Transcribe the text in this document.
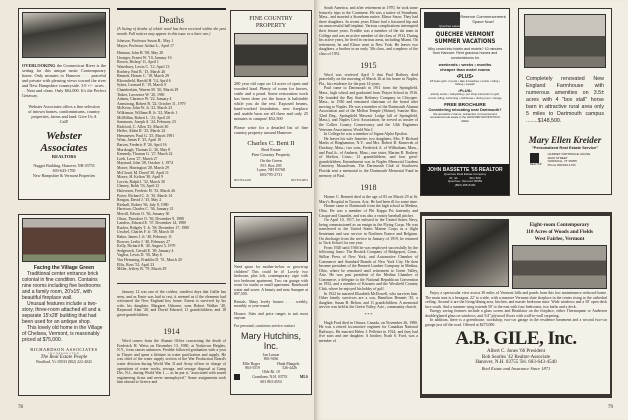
OVERLOOKING the Connecticut River is the setting for this unique rustic Contemporary home. Only minutes to Hanover . . . peaceful and private with pleasing views toward the river and New Hampshire countryside. 3.9 +/− acres . . . Neat and clean. Only $62,000. It's the Perfect Getaway.
Webster Associates offers a fine selection of intown homes, condominiums, country properties, farms and land. Give Us A Call!
Webster Associates
REALTORS
Nugget Building, Hanover, NH 03755
603-643-1700
New Hampshire & Vermont Properties
Facing the Village Green

Traditional center entrance brick colonial in fine condition. Contains nine rooms including five bedrooms and a family room, 20'x15', with beautiful fireplace wall.

Unusual features include a two-story, three-room attached ell and a separate 15'x28' building that had been used for an antique shop.

This lovely old home in the Village of Chelsea, Vermont, is reasonably priced at $75,000.

RICHARDSON ASSOCIATES
INCORPORATED
The Real Estate People
Bradford, Vt. 05033 (802) 222-4043
78
Deaths
(A listing of deaths of which word has been received within the past month. Full notices may appear in this issue or a later one.)
Johnson, Professor Susan B., May 1
Mayer, Professor Arthur L., April 17
Hinman, John H. '08, May 20
Lhonger, Ernest W. '10, January 16
Brown, Bishop '11, April 1
Waterbury, Lewis C. '12, April 13
Rothery, Paul R. '15, March 26
Bennett, Homer C. '18, March 29
Bloomfield, Harold H. '14, April 6
Sykes, Leonard E. '19, March 9
Chamberlain, Warren M. '20, March 29
Tinker, Lawrence W. '20, 1981
Adams, Clarence W. '22, January 4
Armstrong, Robert B. '22, October 11, 1979
McKeon, John W. Jr. '22, March 23
Wilkinson, William B. Jr. '22, March 1
McMillan, Robert L. '23, April 20
Sammons, Joseph A. '24, February 23
Bickford, C. Allen '25, March 30
Heffer, Alden R. '25, March 24
Hemmeyer, Paul G. '25, March 1981
Winn, James F. '25, April 10
Barton, Frederic P. '26, April 16
Murdough, Thomas G. '26, May 8
Kennedy, Thomas G. '27, March 22
Loeb, Leon '27, March 27
Maynard, John '28, October 1, 1974
Moore, Harrington '28, March 29
McCloud, M. David '30, April 11
Moore, H. Kelton '30, April 9
Lorvin, Ralph J. '32, March 30
Cheney, Robb '33, April 21
Halvorsen, Frederic H. '33, March 26
Porter, Richard C. Jr. '35, March 14
Reagan, David J. '35, May 2
Birdsall, Robert '36, July 8, 1980
Harrison, Charles C. '36, January 21
Merrill, Edwin O. '36, January 30
Olson, Theodore O. '36, December 9, 1980
Landers, Edward E. '37, December 14, 1980
Rucker, Ridgely T. Jr. '38, December 17, 1980
Urschel, Charles F. Jr. '39, March 30
Baker, James J. Jr. '40, February 11
Bowser, Leslie J. '40, February 27
Kelly, Richard R. '40, August 3, 1979
Sedgewick, Gerald E. '49, January 4
Vagliss, Lewis D. '50, May 6
Von Hemsting, Franklin D. '51, March 20
Ellis, Ross '52, April 23
Miller, Jeffrey B. '79, March 29

January 12 was one of the coldest, windiest days that Gallie has seen, and as Ernie was laid to rest, it seemed as if the elements had welcomed the New England boy home. Ernest is survived by his wife, his daughter, Margaret Osborne, sons Robert Walker '40, Raymond Alan '40, and David Edward; 11 grandchildren; and 18 great-grandchildren.

1914

Word comes from the Alumni Office concerning the death of Frederick H. Weiss on December 13, 1980, at Yorktown Heights, N.Y., from causes unknown. Freddie followed graduation with a year in Thayer and spent a lifetime in water purification and supply. He was chief of the water supply section of the War Production Board's water division during World War II and Army officer in charge of operations of water works, sewage, and sewage disposal at Camp Dix, N.J., during World War I — as he put it, "associated with sound engineering firms and never unemployed." Some assignments took him abroad to Greece and

FINE COUNTRY PROPERTY
200 year old cape on 14 acres of open and wooded land. Plenty of room for horses, cattle and a pond. Some restoration work has been done yet the house is habitable while you do the rest. Exposed beams, hand-worked foundation, new fireplace and usable barn are all there and only 25 minutes to campus! $52,500
Please write for a detailed list of fine country property around Hanover.
Charles C. Bent II
Real Estate
Fine Country Property
On the Green
P.O. Box 295
Lyme, NH 03768
603/795-2731
603/353-4259	603/353-9851
Need space for mother-in-law or grown-up children? This could be it! Lovely two bedroom, plus loft, contemporary cape with two bedroom apartment. Two car garage with room for studio or small apartment. Baseboard water and sewer. A beauty and near Sunapee at $97,500.
Rentals. Many lovely houses . . . weekly, monthly or year-round.
Houses. Sites and price ranges to suit most anyone.
For personal, courteous service contact
Mary Hutchins, Inc.
Jan Larson
863-5636
Ellie Roger	Hank Mangels
863-5519	526-4426
Olde Rt. 10
Grantham, N.H. 03753	MLS
603 863-4554

South America, and after retirement in 1970, he took some leisurely trips to the Continent. He was a native of Stoneham, Mass., and married a Stoneham native, Elinor Snow. They had three daughters. In recent years Elinor had a fractured hip and an unsuccessful ball implant. Various complications interrupted their leisure years. Freddie was a member of the ski team in College and was an active member of the class of 1914. During his active years, he lived in various areas, including Miami. On retirement, he and Elinor went to New York. He leaves two daughters, a brother in an early '30s class, and a nephew of the class of 1951.

1915

Word was received April 5 that Paul Rothery died peacefully on the morning of March 26 at his home in Naples, Fla., his residence for the past 14 years.

Paul came to Dartmouth in 1911 from the Springfield, Mass., high school and graduated from Thayer School in 1916. He founded the Bay State Refinery Company in Chicopee, Mass., in 1930 and remained chairman of the board after moving to Naples. He was a member of the Dartmouth Alumni Association and of the Mellon Temple (Shrine), Sunrise Rite, 32nd Deg., Springfield Masonic Lodge (all of Springfield, Mass.), and Naples Civic Association; he served as trustee of the Collier County Conservancy and the 14th Engineers Veterans Association, World War I.

In College he was a member of Sigma Alpha Epsilon.

He leaves his wife Jeanette; two daughters, Mrs. F. Richard Marks of Binghamton, N.Y., and Mrs. Robert B. Kinnecek of Duxbury, Mass.; two sons, Frederick A. of Wilbraham, Mass., and Paul Jr., of Amherst, Mass.; one sister, Marian R. Rothery of Shelton, Conn.; 12 grandchildren; and four great-grandchildren. Entombment was in Naples Memorial Gardens Cemetery Mausoleum. The Dartmouth Club of Southwest Florida sent a memorial to the Dartmouth Memorial Fund in memory of Paul.

1918

Homer C. Bennett died at the age of 83 on March 29 at St. Mary's Hospital in Tucson, Ariz. He had been ill for some time.

Homer came to Dartmouth from the high school in Medina, Ohio. He was a member of Phi Kappa Psi fraternity and Casque and Gauntlet, and was also a varsity baseball pitcher.

On April 10, 1917, he enlisted in the United States Navy, being commissioned as an ensign in the Flying Corps. He was transferred to the United States Marine Corps as a flight lieutenant and saw service in Northern France and Belgium. On discharge from the service in January of 1919, he returned to Tuck School for one year.

From 1920 until 1946 he was employed successfully by the following firms: The Bostick Company of Bridgeport, Conn., Stillon Press of New York, and Automotive Chamber of Commerce and Standard Brands of New York City. He then became president of the Bennett Lumber Company in Medina, Ohio, where he remained until retirement to Green Valley, Ariz. He was past president of the Medina Chamber of Commerce, a delegate to the National Republican Convention in 1952, and a member of Kiwanis and the Westfield Country Club, where he enjoyed his hobby of golf.

In 1922 he married Elizabeth McDowell, who survives him. Other family survivors are a son, Hamilton Bennett '45, a daughter, Susan B. Belton, and 11 grandchildren. A memorial service was held at the Green Valley, Ariz., community church.

* * *

Hugh Ford died in Ottawa, Canada, on November 26, 1980. He was a retired locomotive engineer for Canadian National Railways. He married Helen J. Pelletier in 1924, and they had five sons and one daughter. A brother, Noah S. Ford, was a member of

Quechee Lakes
Reserve Commencement Space Now!
QUECHEE VERMONT
SUMMER VACATIONS
Why crowd into hotels and motels? 10 minutes from Hanover. Rent gracious homes and condominiums for
weekends • weeks • months
cheaper than motel rooms
•PLUS•
18 holes golf • 2 pools • lake & beaches • tennis • riding • fishing • squash
•PLUS•
activity center • babysitting • pro shop instruction in golf, tennis, riding, swimming • clubhouse • dining room • lounge
FREE BROCHURE
Considering relocating near Dartmouth?
We specialize in farms, residential, commercial and recreational real estate in the HANOVER-WOODSTOCK AREA
JOHN BASSETTE '55 REALTOR
Quechee Real Estate Company
Rt. 4A	Box 560
Quechee, Vermont 05059
(802) 295-5100
Completely renovated New England Farmhouse with numerous amenities on 3.5± acres with 4 "box stall" horse barn in attractive rural area only 5 miles to Dartmouth campus ........$148,500.
Mary Ellen Kreider
"Personalized Real Estate Service"
REALTOR
HARRIET PARTRIDGE HOUSE
MAIN STREET
NORWICH, VT 05055
Phone 802/649-1704
Eight-room Contemporary
110 Acres of Woods and Fields
West Fairlee, Vermont

Enjoy a spectacular view across 30 miles of Vermont hills and ponds from this low maintenance redwood home. The main area is a hexagon, 22' to a side, with a massive Vermont slate fireplace in the center rising to the cathedral ceiling. Around it are the living/dining area, kitchen, and master bedroom suite. Wide windows and a 50' open deck face south. And a summer wing extends 50' to the east with four bedrooms, two baths and a deck.

Energy saving features include a glass screen and Heatilator on the fireplace, either Thermopane or Andersen double/glazed glass on windows, and 3/4" plywood floors with wall-to-wall carpeting.

In addition, there is a greenhouse, workshop, two-car garage in the residence basement and a second two-car garage just off the road. Offered at $275,000.

A.B. GILE, Inc.
Albert C. Jones '66 President
Bob Searles '42 Realtor-Associate
Hanover, N.H. 03755 Tel. 603-643-4540
Real Estate and Insurance Since 1871
79
